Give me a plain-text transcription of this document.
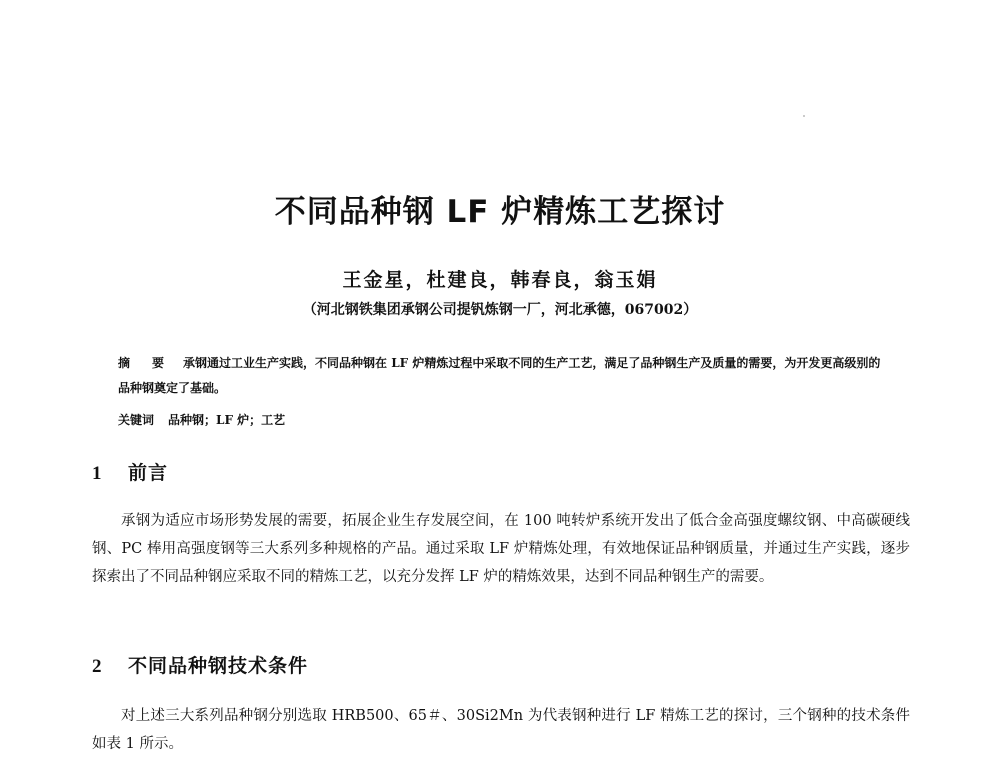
不同品种钢 LF 炉精炼工艺探讨
王金星，杜建良，韩春良，翁玉娟
（河北钢铁集团承钢公司提钒炼钢一厂，河北承德，067002）
摘　要 承钢通过工业生产实践，不同品种钢在 LF 炉精炼过程中采取不同的生产工艺，满足了品种钢生产及质量的需要，为开发更高级别的品种钢奠定了基础。
关键词 品种钢；LF 炉；工艺
1 前言

承钢为适应市场形势发展的需要，拓展企业生存发展空间，在 100 吨转炉系统开发出了低合金高强度螺纹钢、中高碳硬线钢、PC 棒用高强度钢等三大系列多种规格的产品。通过采取 LF 炉精炼处理，有效地保证品种钢质量，并通过生产实践，逐步探索出了不同品种钢应采取不同的精炼工艺，以充分发挥 LF 炉的精炼效果，达到不同品种钢生产的需要。

2 不同品种钢技术条件

对上述三大系列品种钢分别选取 HRB500、65＃、30Si2Mn 为代表钢种进行 LF 精炼工艺的探讨，三个钢种的技术条件如表 1 所示。
